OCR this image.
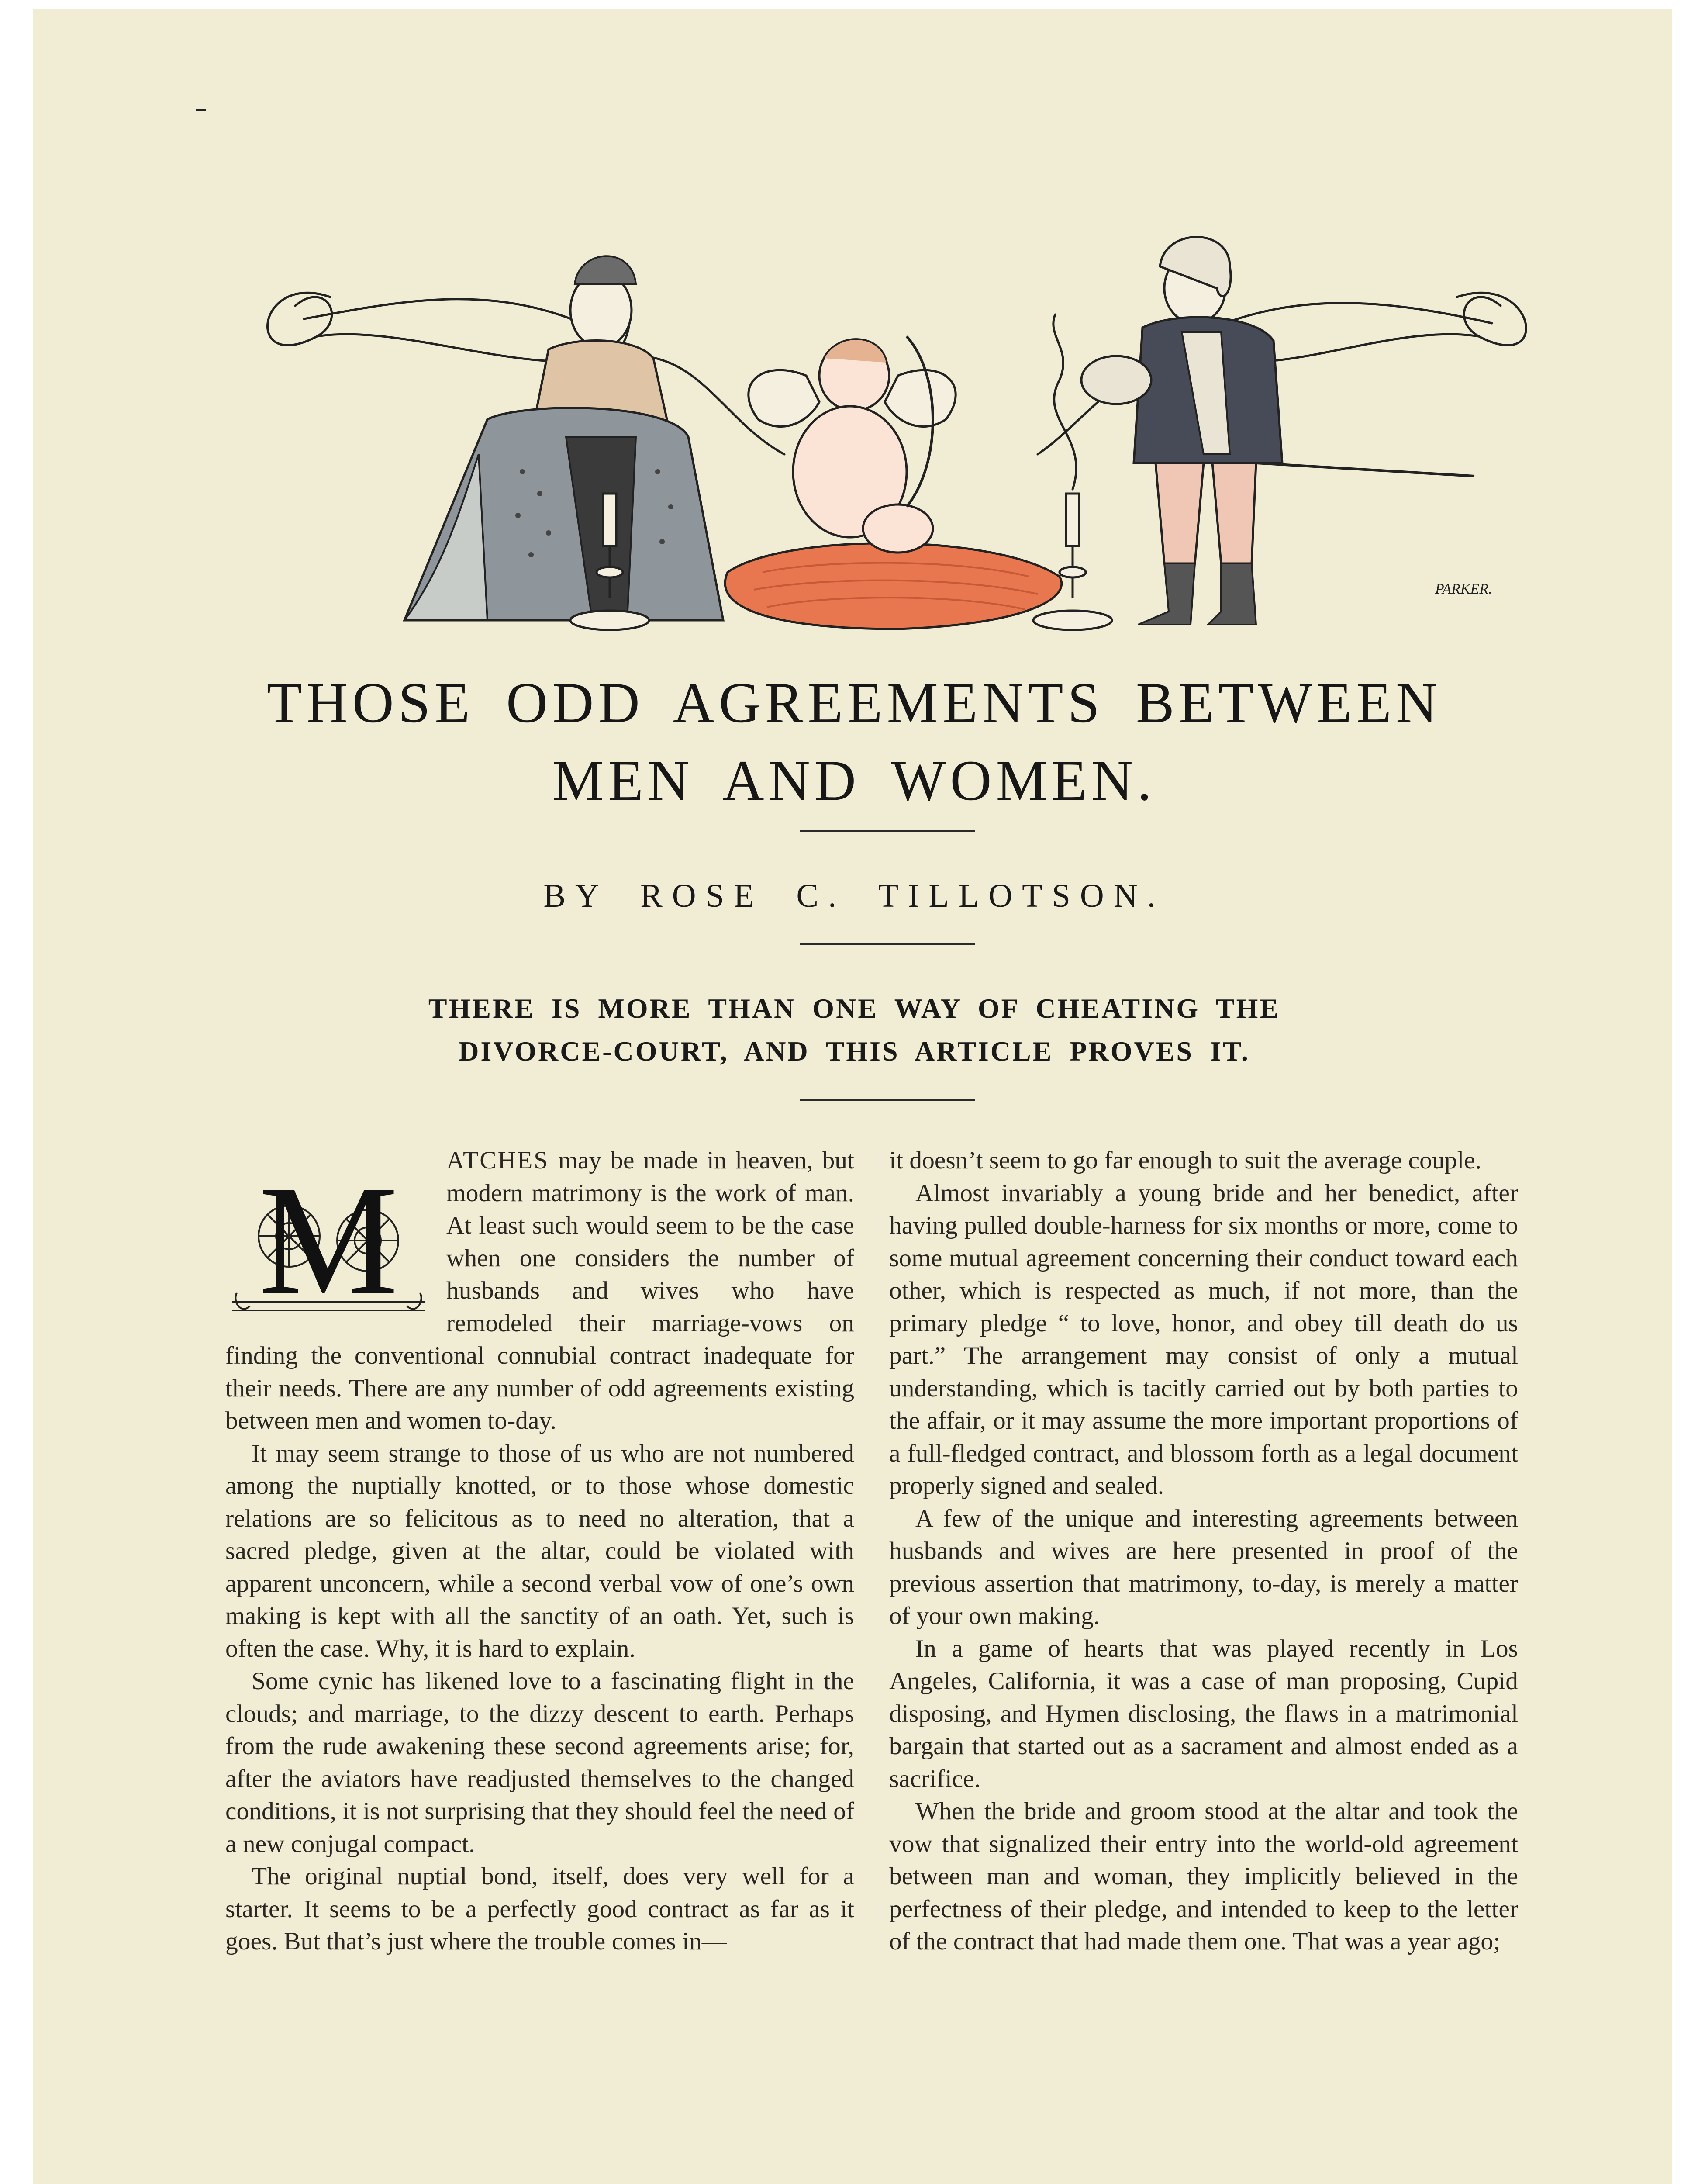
PARKER.
THOSE ODD AGREEMENTS BETWEEN
MEN AND WOMEN.
BY ROSE C. TILLOTSON.
THERE IS MORE THAN ONE WAY OF CHEATING THE
DIVORCE-COURT, AND THIS ARTICLE PROVES IT.
M	ATCHES may be made in heaven, but modern matrimony is the work of man. At least such would seem to be the case when one considers the number of husbands and wives who have remodeled their marriage-vows on finding the conventional connubial contract inadequate for their needs. There are any number of odd agreements existing between men and women to-day.

It may seem strange to those of us who are not numbered among the nuptially knotted, or to those whose domestic relations are so felicitous as to need no alteration, that a sacred pledge, given at the altar, could be violated with apparent unconcern, while a second verbal vow of one’s own making is kept with all the sanctity of an oath. Yet, such is often the case. Why, it is hard to explain.

Some cynic has likened love to a fascinating flight in the clouds; and marriage, to the dizzy descent to earth. Perhaps from the rude awakening these second agreements arise; for, after the aviators have readjusted themselves to the changed conditions, it is not surprising that they should feel the need of a new conjugal compact.

The original nuptial bond, itself, does very well for a starter. It seems to be a perfectly good contract as far as it goes. But that’s just where the trouble comes in—

it doesn’t seem to go far enough to suit the average couple.

Almost invariably a young bride and her benedict, after having pulled double-harness for six months or more, come to some mutual agreement concerning their conduct toward each other, which is respected as much, if not more, than the primary pledge “ to love, honor, and obey till death do us part.” The arrangement may consist of only a mutual understanding, which is tacitly carried out by both parties to the affair, or it may assume the more important proportions of a full-fledged contract, and blossom forth as a legal document properly signed and sealed.

A few of the unique and interesting agreements between husbands and wives are here presented in proof of the previous assertion that matrimony, to-day, is merely a matter of your own making.

In a game of hearts that was played recently in Los Angeles, California, it was a case of man proposing, Cupid disposing, and Hymen disclosing, the flaws in a matrimonial bargain that started out as a sacrament and almost ended as a sacrifice.

When the bride and groom stood at the altar and took the vow that signalized their entry into the world-old agreement between man and woman, they implicitly believed in the perfectness of their pledge, and intended to keep to the letter of the contract that had made them one. That was a year ago;
